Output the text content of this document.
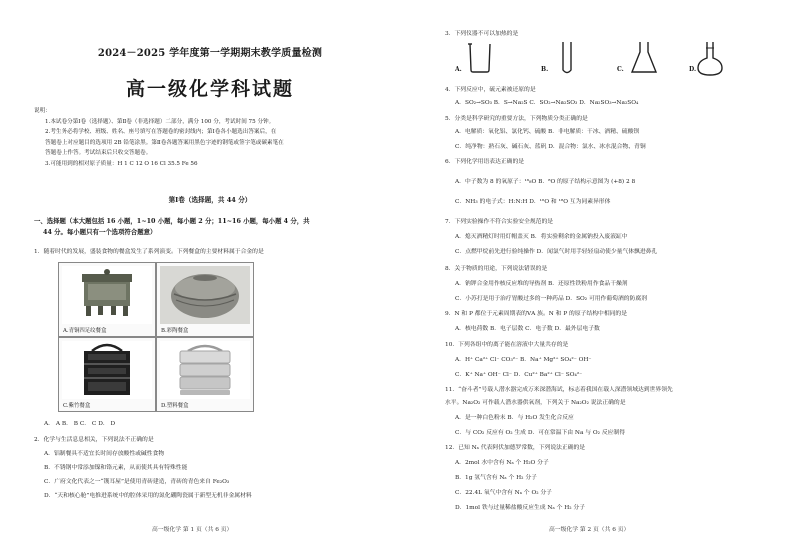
2024－2025 学年度第一学期期末教学质量检测
高一级化学科试题
说明：
1.本试卷分第Ⅰ卷（选择题）、第Ⅱ卷（非选择题）二部分，满分 100 分，考试时间 75 分钟。
2.考生务必将学校、班级、姓名、座号填写在答题卷的密封线内；第Ⅰ卷各小题选出答案后，在
答题卷上对应题目的选项用 2B 铅笔涂黑。第Ⅱ卷各题答案用黑色字迹的钢笔或签字笔或碳素笔在
答题卷上作答。考试结束后只收交答题卷。
3.可能用到的相对原子质量：H 1 C 12 O 16 Cl 35.5 Fe 56
第Ⅰ卷（选择题，共 44 分）
一、选择题（本大题包括 16 小题，1~10 小题，每小题 2 分；11~16 小题，每小题 4 分，共
44 分。每小题只有一个选项符合题意）
1．随着时代的发展，盛装食物的餐盒发生了系列演变。下列餐盒的主要材料属于合金的是
A.青铜四足纹餐盒	B.彩陶餐盒
C.紫竹餐盒	D.塑料餐盒
A． A B． B C． C D． D
2．化学与生活息息相关，下列说法不正确的是
A．铝制餐具不适宜长时间存放酸性或碱性食物
B．不锈钢中常添加镍和铬元素，从而使其具有特殊性能
C．广府文化代表之一“镬耳屋”是使用青砖建造，青砖的青色来自 Fe₂O₃
D．“天和核心舱”电推进系统中的腔体采用的氮化硼陶瓷属于新型无机非金属材料
高一级化学 第 1 页（共 6 页）
3．下列仪器不可以加热的是
A.	B.	C.	D.
4．下列反应中，硫元素被还原的是
A．SO₂→SO₃ B．S→Na₂S C．SO₂→Na₂SO₃ D．Na₂SO₃→Na₂SO₄
5．分类是科学研究的重要方法，下列物质分类正确的是
A．电解质：氧化铝、氯化钙、硫酸 B．非电解质：干冰、酒精、硫酸钡
C．纯净物：熟石灰、碱石灰、蓝矾 D．混合物：氯水、冰水混合物、青铜
6．下列化学用语表达正确的是
A．中子数为 8 的氧原子：¹⁶₈O B．⁸O 的原子结构示意图为 (+8) 2 8
C．NH₃ 的电子式：H:N:H D．¹⁶O 和 ¹⁸O 互为同素异形体
7．下列实验操作不符合实验安全规范的是
A．熄灭酒精灯时用灯帽盖灭 B．将实验剩余的金属钠投入废液缸中
C．点燃甲烷前先进行验纯操作 D．闻氯气时用手轻轻扇动使少量气体飘进鼻孔
8．关于物质的用途，下列说法错误的是
A．钠钾合金用作核反应堆的导热剂 B．还原性铁粉用作食品干燥剂
C．小苏打是用于治疗胃酸过多的一种药品 D．SO₂ 可用作葡萄酒的防腐剂
9．N 和 P 都位于元素周期表的ⅤA 族。N 和 P 的原子结构中相同的是
A．核电荷数 B．电子层数 C．电子数 D．最外层电子数
10．下列各组中的离子能在溶液中大量共存的是
A．H⁺ Ca²⁺ Cl⁻ CO₃²⁻ B．Na⁺ Mg²⁺ SO₄²⁻ OH⁻
C．K⁺ Na⁺ OH⁻ Cl⁻ D．Cu²⁺ Ba²⁺ Cl⁻ SO₄²⁻
11．“奋斗者”号载人潜水器完成万米深潜海试，标志着我国在载人深潜领域达到世界领先
水平。Na₂O₂ 可作载人潜水器供氧剂，下列关于 Na₂O₂ 说法正确的是
A．是一种白色粉末 B．与 H₂O 发生化合反应
C．与 CO₂ 反应有 O₂ 生成 D．可在常温下由 Na 与 O₂ 反应制得
12．已知 Nₐ 代表阿伏加德罗常数，下列说法正确的是
A．2mol 水中含有 Nₐ 个 H₂O 分子
B．1g 氢气含有 Nₐ 个 H₂ 分子
C．22.4L 氧气中含有 Nₐ 个 O₂ 分子
D．1mol 铁与过量稀盐酸反应生成 Nₐ 个 H₂ 分子
高一级化学 第 2 页（共 6 页）
